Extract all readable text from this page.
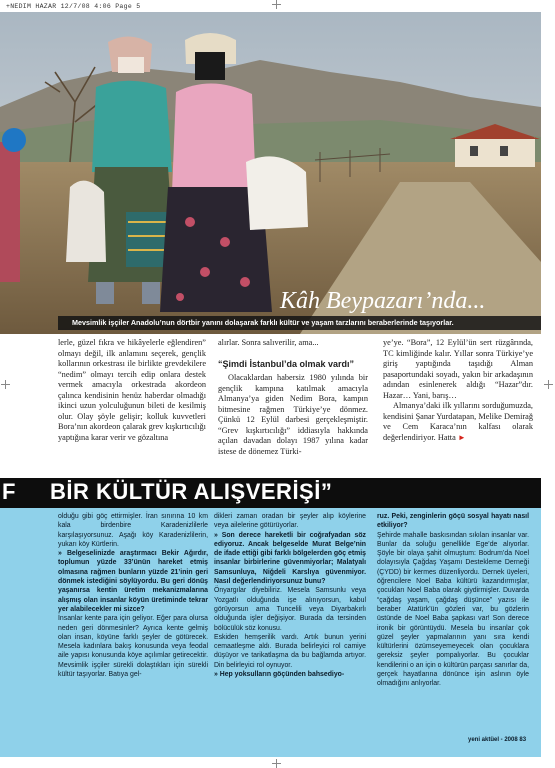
+NEDIM HAZAR 12/7/08 4:06 Page 5
Kâh Beypazarı’nda...
Mevsimlik işçiler Anadolu’nun dörtbir yanını dolaşarak farklı kültür ve yaşam tarzlarını beraberlerinde taşıyorlar.

lerle, güzel fıkra ve hikâyelerle eğlendiren” olmayı değil, ilk anlamını seçerek, gençlik kollarının orkestrası ile birlikte grevdekilere “nedim” olmayı tercih edip onlara destek vermek amacıyla orkestrada akordeon çalınca kendisinin henüz haberdar olmadığı ikinci uzun yolculuğunun bileti de kesilmiş olur. Olay şöyle gelişir; kolluk kuvvetleri Bora’nın akordeon çalarak grev kışkırtıcılığı yaptığına karar verir ve gözaltına

alırlar. Sonra salıverilir, ama...

“Şimdi İstanbul’da olmak vardı”

Olacaklardan habersiz 1980 yılında bir gençlik kampına katılmak amacıyla Almanya’ya giden Nedim Bora, kampın bitmesine rağmen Türkiye’ye dönmez. Çünkü 12 Eylül darbesi gerçekleşmiştir. “Grev kışkırtıcılığı” iddiasıyla hakkında açılan davadan dolayı 1987 yılına kadar istese de dönemez Türki-

ye’ye. “Bora”, 12 Eylül’ün sert rüzgârında, TC kimliğinde kalır. Yıllar sonra Türkiye’ye giriş yaptığında taşıdığı Alman pasaportundaki soyadı, yakın bir arkadaşının adından esinlenerek aldığı “Hazar”dır. Hazar… Yani, barış…

Almanya’daki ilk yıllarını sorduğumuzda, kendisini Şanar Yurdatapan, Melike Demirağ ve Cem Karaca’nın kalfası olarak değerlendiriyor. Hatta ►

F BİR KÜLTÜR ALIŞVERİŞİ”

olduğu gibi göç ettirmişler. İran sınırına 10 km kala birdenbire Karadenizlilerle karşılaşıyorsunuz. Aşağı köy Karadenizlilerin, yukarı köy Kürtlerin.

» Belgeselinizde araştırmacı Bekir Ağırdır, toplumun yüzde 33’ünün hareket etmiş olmasına rağmen bunların yüzde 21’inin geri dönmek istediğini söylüyordu. Bu geri dönüş yaşanırsa kentin üretim mekanizmalarına alışmış olan insanlar köyün üretiminde tekrar yer alabilecekler mi sizce?

İnsanlar kente para için geliyor. Eğer para olursa neden geri dönmesinler? Ayrıca kente gelmiş olan insan, köyüne farklı şeyler de götürecek. Mesela kadınlara bakış konusunda veya feodal aile yapısı konusunda köye açılımlar getirecektir. Mevsimlik işçiler sürekli dolaştıkları için sürekli kültür taşıyorlar. Batıya gel-

dikleri zaman oradan bir şeyler alıp köylerine veya ailelerine götürüyorlar.

» Son derece hareketli bir coğrafyadan söz ediyoruz. Ancak belgeselde Murat Belge’nin de ifade ettiği gibi farklı bölgelerden göç etmiş insanlar birbirlerine güvenmiyorlar; Malatyalı Samsunluya, Niğdeli Karslıya güvenmiyor. Nasıl değerlendiriyorsunuz bunu?

Önyargılar diyebiliriz. Mesela Samsunlu veya Yozgatlı olduğunda işe alınıyorsun, kabul görüyorsun ama Tuncelili veya Diyarbakırlı olduğunda işler değişiyor. Burada da tersinden bölücülük söz konusu.

Eskiden hemşerilik vardı. Artık bunun yerini cemaatleşme aldı. Burada belirleyici rol camiye düşüyor ve tarikatlaşma da bu bağlamda artıyor. Din belirleyici rol oynuyor.

» Hep yoksulların göçünden bahsediyo-

ruz. Peki, zenginlerin göçü sosyal hayatı nasıl etkiliyor?

Şehirde mahalle baskısından sıkılan insanlar var. Bunlar da soluğu genellikle Ege’de alıyorlar. Şöyle bir olaya şahit olmuştum: Bodrum’da Noel dolayısıyla Çağdaş Yaşamı Destekleme Derneği (ÇYDD) bir kermes düzenliyordu. Dernek üyeleri, öğrencilere Noel Baba kültürü kazandırmışlar, çocukları Noel Baba olarak giydirmişler. Duvarda “çağdaş yaşam, çağdaş düşünce” yazısı ile beraber Atatürk’ün gözleri var, bu gözlerin üstünde de Noel Baba şapkası var! Son derece ironik bir görüntüydü. Mesela bu insanlar çok güzel şeyler yapmalarının yanı sıra kendi kültürlerini özümseyemeyecek olan çocuklara gereksiz şeyler pompalıyorlar. Bu çocuklar kendilerini o an için o kültürün parçası sanırlar da, gerçek hayatlarına dönünce işin aslının öyle olmadığını anlıyorlar.

yeni aktüel - 2008 83
